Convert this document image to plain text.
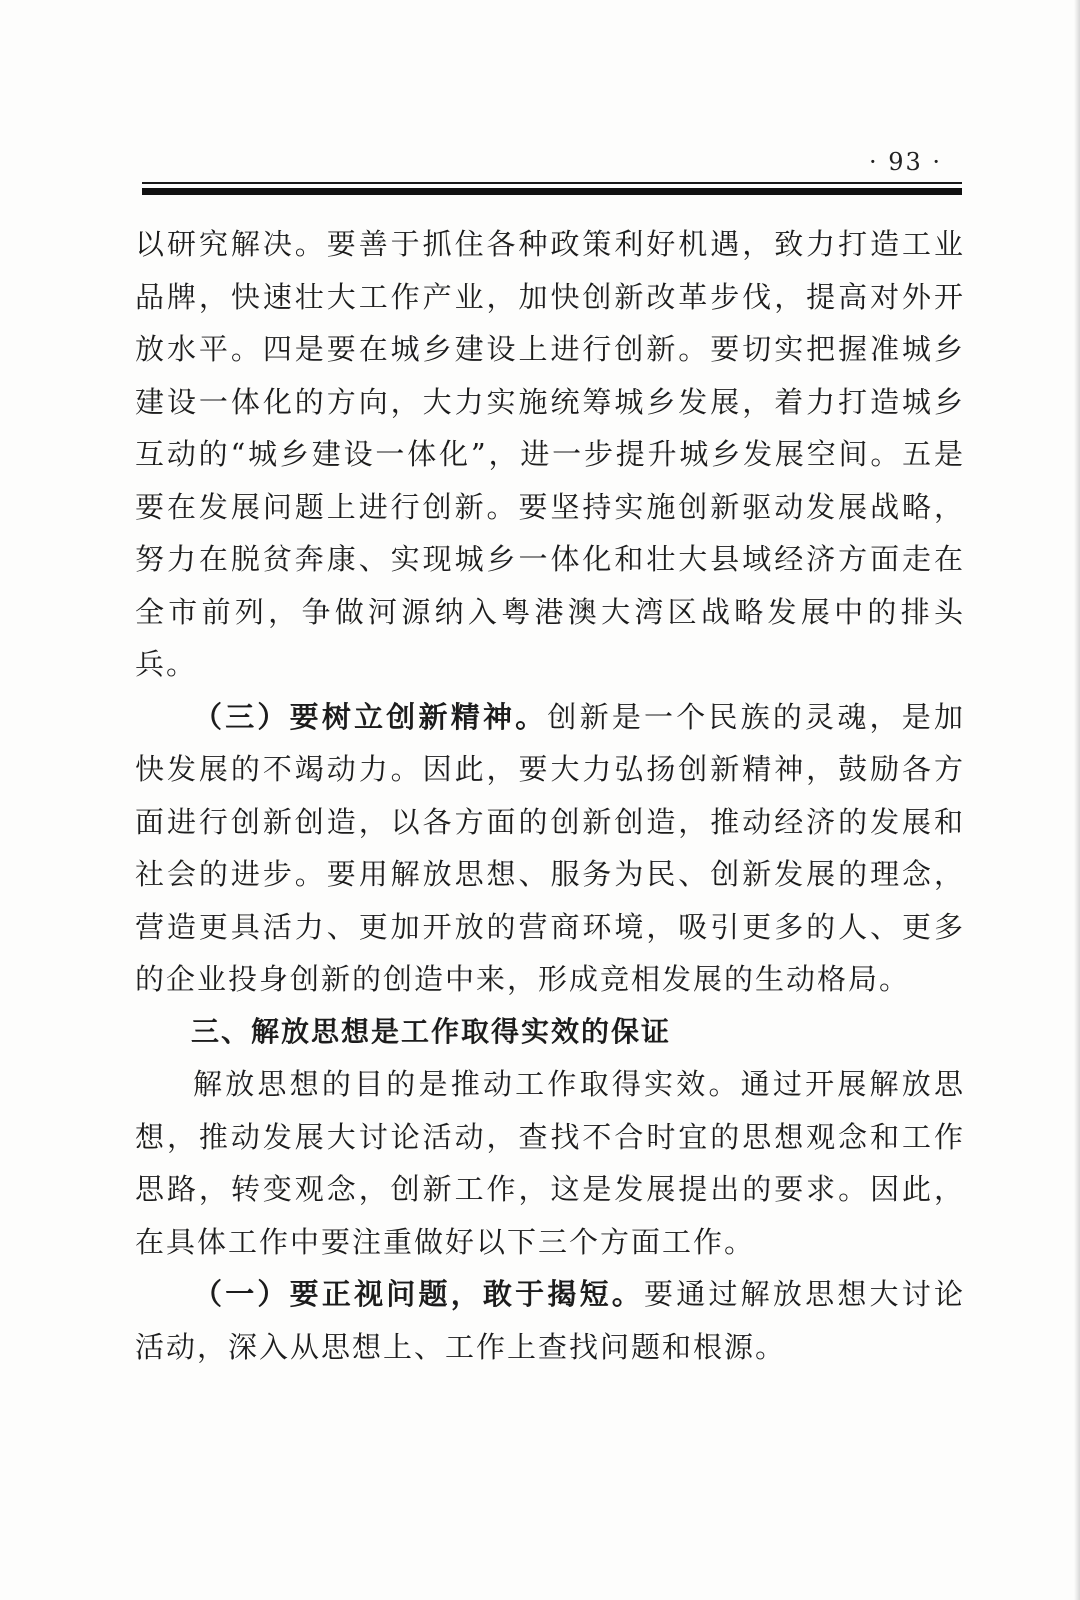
· 93 ·

以研究解决。要善于抓住各种政策利好机遇，致力打造工业品牌，快速壮大工作产业，加快创新改革步伐，提高对外开放水平。四是要在城乡建设上进行创新。要切实把握准城乡建设一体化的方向，大力实施统筹城乡发展，着力打造城乡互动的“城乡建设一体化”，进一步提升城乡发展空间。五是要在发展问题上进行创新。要坚持实施创新驱动发展战略，努力在脱贫奔康、实现城乡一体化和壮大县域经济方面走在全市前列，争做河源纳入粤港澳大湾区战略发展中的排头兵。

（三）要树立创新精神。创新是一个民族的灵魂，是加快发展的不竭动力。因此，要大力弘扬创新精神，鼓励各方面进行创新创造，以各方面的创新创造，推动经济的发展和社会的进步。要用解放思想、服务为民、创新发展的理念，营造更具活力、更加开放的营商环境，吸引更多的人、更多的企业投身创新的创造中来，形成竞相发展的生动格局。

三、解放思想是工作取得实效的保证

解放思想的目的是推动工作取得实效。通过开展解放思想，推动发展大讨论活动，查找不合时宜的思想观念和工作思路，转变观念，创新工作，这是发展提出的要求。因此，在具体工作中要注重做好以下三个方面工作。

（一）要正视问题，敢于揭短。要通过解放思想大讨论活动，深入从思想上、工作上查找问题和根源。
